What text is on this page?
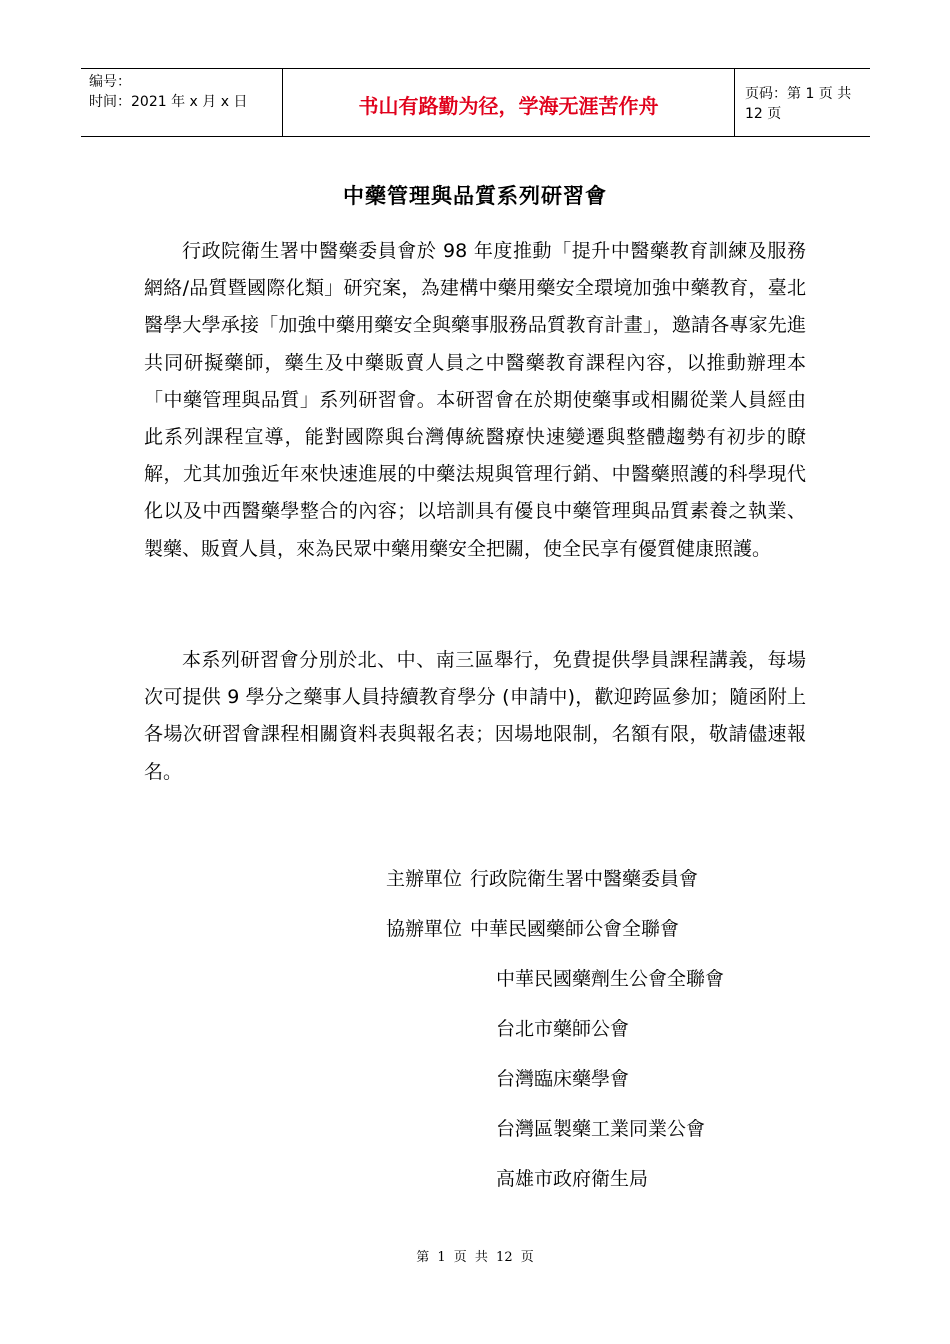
编号：
时间：2021 年 x 月 x 日	书山有路勤为径，学海无涯苦作舟
页码：第 1 页 共 12 页
中藥管理與品質系列研習會

行政院衛生署中醫藥委員會於 98 年度推動「提升中醫藥教育訓練及服務網絡/品質暨國際化類」研究案，為建構中藥用藥安全環境加強中藥教育，臺北醫學大學承接「加強中藥用藥安全與藥事服務品質教育計畫」，邀請各專家先進共同研擬藥師，藥生及中藥販賣人員之中醫藥教育課程內容，以推動辦理本「中藥管理與品質」系列研習會。本研習會在於期使藥事或相關從業人員經由此系列課程宣導，能對國際與台灣傳統醫療快速變遷與整體趨勢有初步的瞭解，尤其加強近年來快速進展的中藥法規與管理行銷、中醫藥照護的科學現代化以及中西醫藥學整合的內容；以培訓具有優良中藥管理與品質素養之執業、製藥、販賣人員，來為民眾中藥用藥安全把關，使全民享有優質健康照護。

本系列研習會分別於北、中、南三區舉行，免費提供學員課程講義，每場次可提供 9 學分之藥事人員持續教育學分 (申請中)，歡迎跨區參加；隨函附上各場次研習會課程相關資料表與報名表；因場地限制，名額有限，敬請儘速報名。

主辦單位 行政院衛生署中醫藥委員會
協辦單位 中華民國藥師公會全聯會
中華民國藥劑生公會全聯會
台北市藥師公會
台灣臨床藥學會
台灣區製藥工業同業公會
高雄市政府衛生局
第 1 页 共 12 页
